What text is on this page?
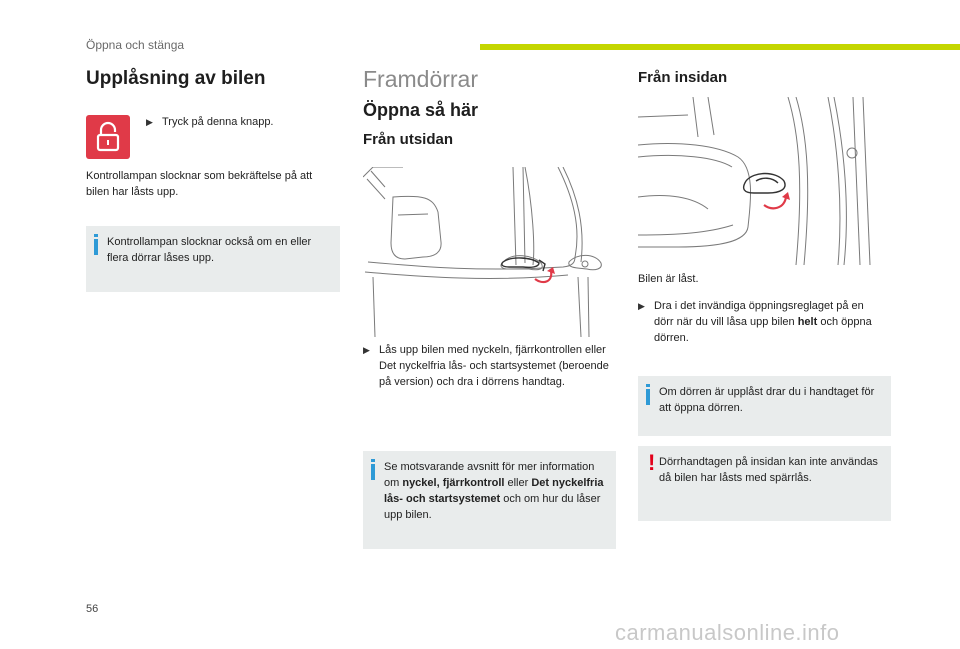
Öppna och stänga
Upplåsning av bilen
▶ Tryck på denna knapp.
Kontrollampan slocknar som bekräftelse på att bilen har låsts upp.
Kontrollampan slocknar också om en eller flera dörrar låses upp.
Framdörrar
Öppna så här
Från utsidan
▶ Lås upp bilen med nyckeln, fjärrkontrollen eller Det nyckelfria lås- och startsystemet (beroende på version) och dra i dörrens handtag.
Se motsvarande avsnitt för mer information om nyckel, fjärrkontroll eller Det nyckelfria lås- och startsystemet och om hur du låser upp bilen.
Från insidan
Bilen är låst.
▶ Dra i det invändiga öppningsreglaget på en dörr när du vill låsa upp bilen helt och öppna dörren.
Om dörren är upplåst drar du i handtaget för att öppna dörren.
! Dörrhandtagen på insidan kan inte användas då bilen har låsts med spärrlås.
56
carmanualsonline.info
